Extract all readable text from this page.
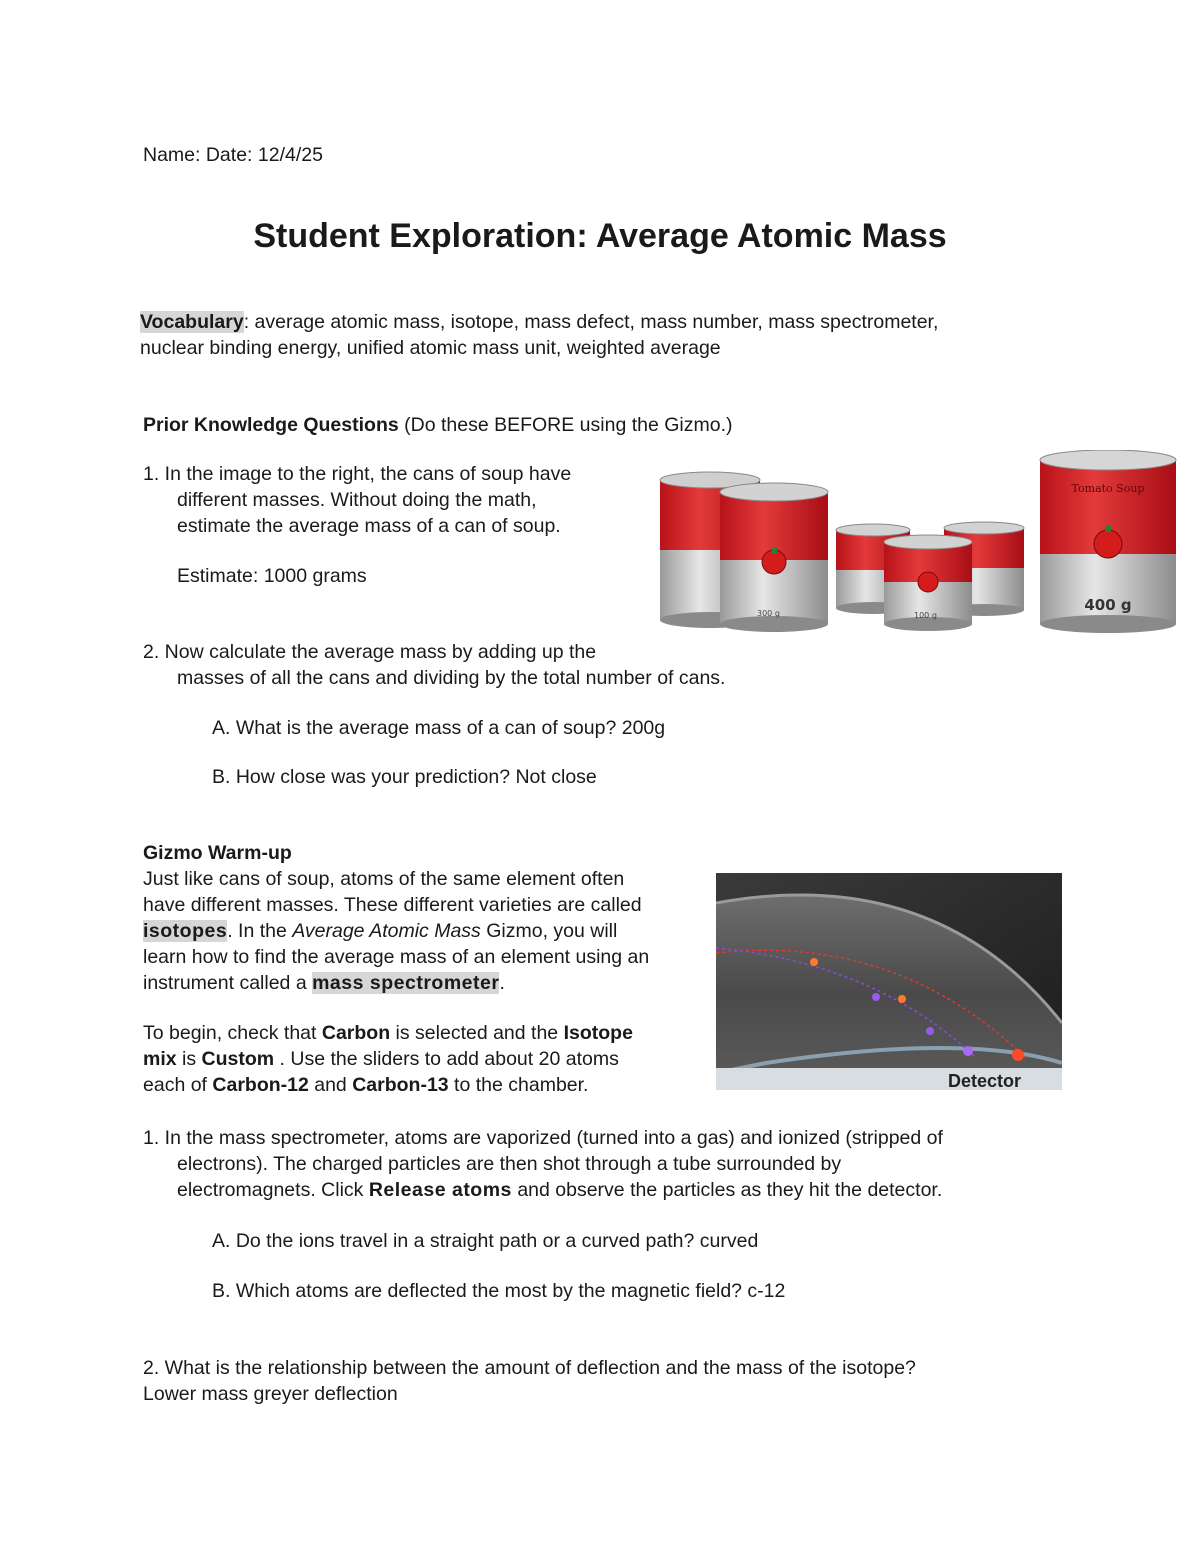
Name: Date: 12/4/25
Student Exploration: Average Atomic Mass
Vocabulary: average atomic mass, isotope, mass defect, mass number, mass spectrometer,
nuclear binding energy, unified atomic mass unit, weighted average
Prior Knowledge Questions (Do these BEFORE using the Gizmo.)
1. In the image to the right, the cans of soup have
different masses. Without doing the math,
estimate the average mass of a can of soup.
Estimate: 1000 grams
2. Now calculate the average mass by adding up the
masses of all the cans and dividing by the total number of cans.
A. What is the average mass of a can of soup? 200g
B. How close was your prediction? Not close
300 g	100 g
Tomato Soup
400 g
Gizmo Warm-up
Just like cans of soup, atoms of the same element often
have different masses. These different varieties are called
isotopes. In the Average Atomic Mass Gizmo, you will
learn how to find the average mass of an element using an
instrument called a mass spectrometer.
To begin, check that Carbon is selected and the Isotope
mix is Custom . Use the sliders to add about 20 atoms
each of Carbon-12 and Carbon-13 to the chamber.	Detector
1. In the mass spectrometer, atoms are vaporized (turned into a gas) and ionized (stripped of
electrons). The charged particles are then shot through a tube surrounded by
electromagnets. Click Release atoms and observe the particles as they hit the detector.
A. Do the ions travel in a straight path or a curved path? curved
B. Which atoms are deflected the most by the magnetic field? c-12
2. What is the relationship between the amount of deflection and the mass of the isotope?
Lower mass greyer deflection
